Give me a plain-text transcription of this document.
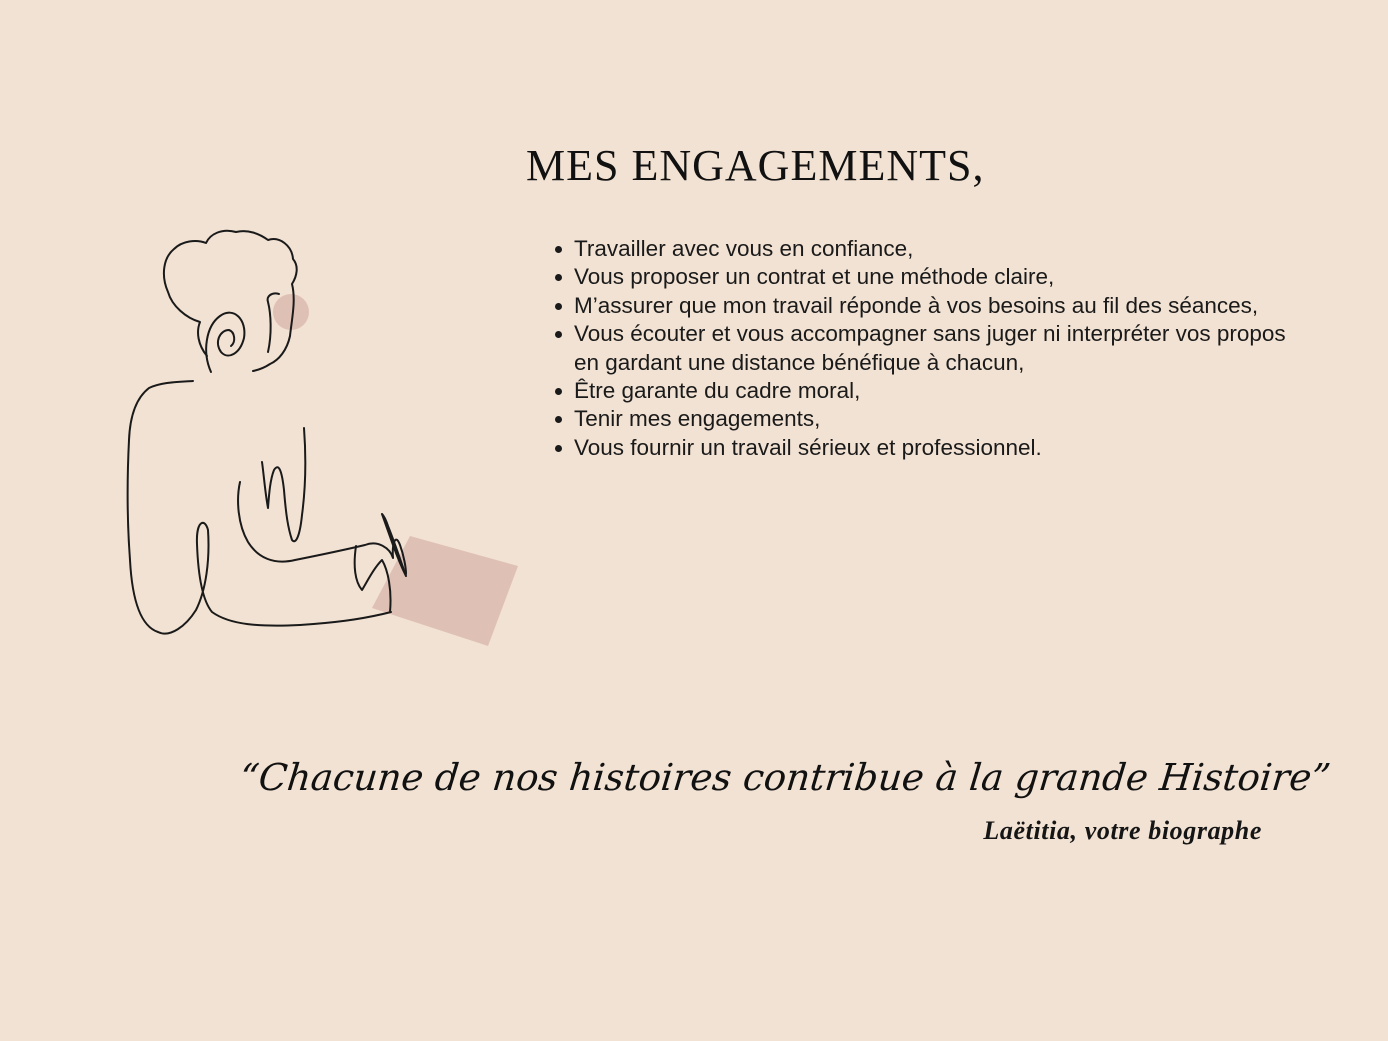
MES ENGAGEMENTS,
Travailler avec vous en confiance,
Vous proposer un contrat et une méthode claire,
M’assurer que mon travail réponde à vos besoins au fil des séances,
Vous écouter et vous accompagner sans juger ni interpréter vos propos en gardant une distance bénéfique à chacun,
Être garante du cadre moral,
Tenir mes engagements,
Vous fournir un travail sérieux et professionnel.

“Chacune de nos histoires contribue à la grande Histoire”

Laëtitia, votre biographe
